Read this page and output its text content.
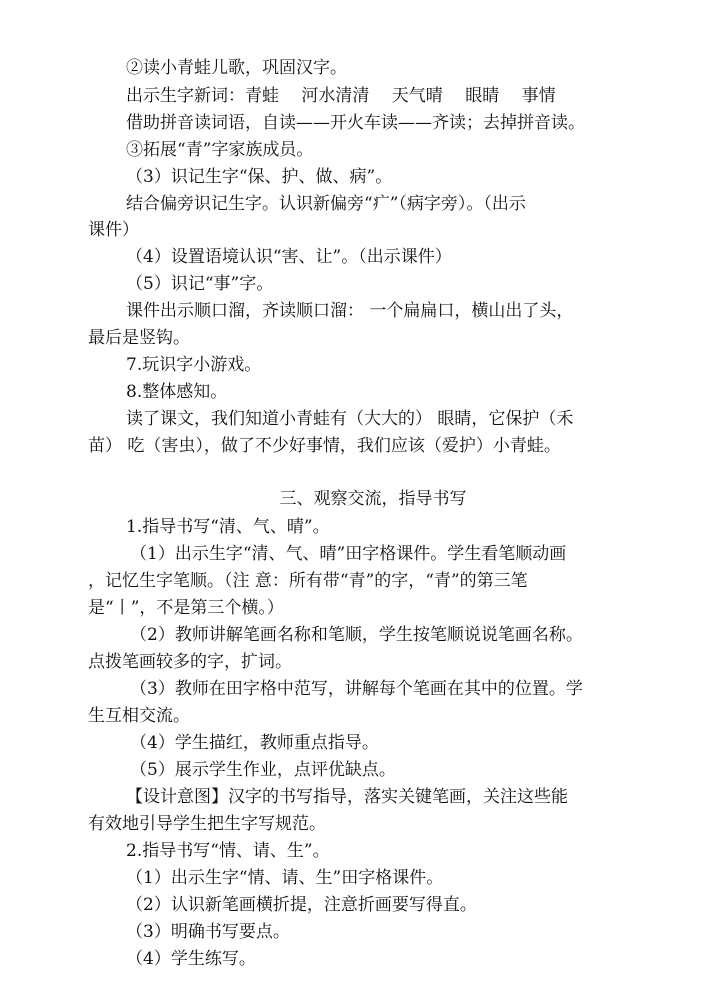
②读小青蛙儿歌，巩固汉字。
出示生字新词：青蛙 　河水清清 　天气晴 　眼睛 　事情
借助拼音读词语，自读——开火车读——齐读；去掉拼音读。
③拓展“青”字家族成员。
（3）识记生字“保、护、做、病”。
结合偏旁识记生字。认识新偏旁“疒”（病字旁）。（出示
课件）
（4）设置语境认识“害、让”。（出示课件）
（5）识记“事”字。
课件出示顺口溜，齐读顺口溜： 一个扁扁口，横山出了头，
最后是竖钩。
7.玩识字小游戏。
8.整体感知。
读了课文，我们知道小青蛙有（大大的） 眼睛，它保护（禾
苗） 吃（害虫），做了不少好事情，我们应该（爱护）小青蛙。
三、观察交流，指导书写
1.指导书写“清、气、晴”。
（1）出示生字“清、气、晴”田字格课件。学生看笔顺动画
，记忆生字笔顺。（注 意：所有带“青”的字，“青”的第三笔
是“丨”，不是第三个横。）
（2）教师讲解笔画名称和笔顺，学生按笔顺说说笔画名称。
点拨笔画较多的字，扩词。
（3）教师在田字格中范写，讲解每个笔画在其中的位置。学
生互相交流。
（4）学生描红，教师重点指导。
（5）展示学生作业，点评优缺点。
【设计意图】汉字的书写指导，落实关键笔画，关注这些能
有效地引导学生把生字写规范。
2.指导书写“情、请、生”。
（1）出示生字“情、请、生”田字格课件。
（2）认识新笔画横折提，注意折画要写得直。
（3）明确书写要点。
（4）学生练写。
